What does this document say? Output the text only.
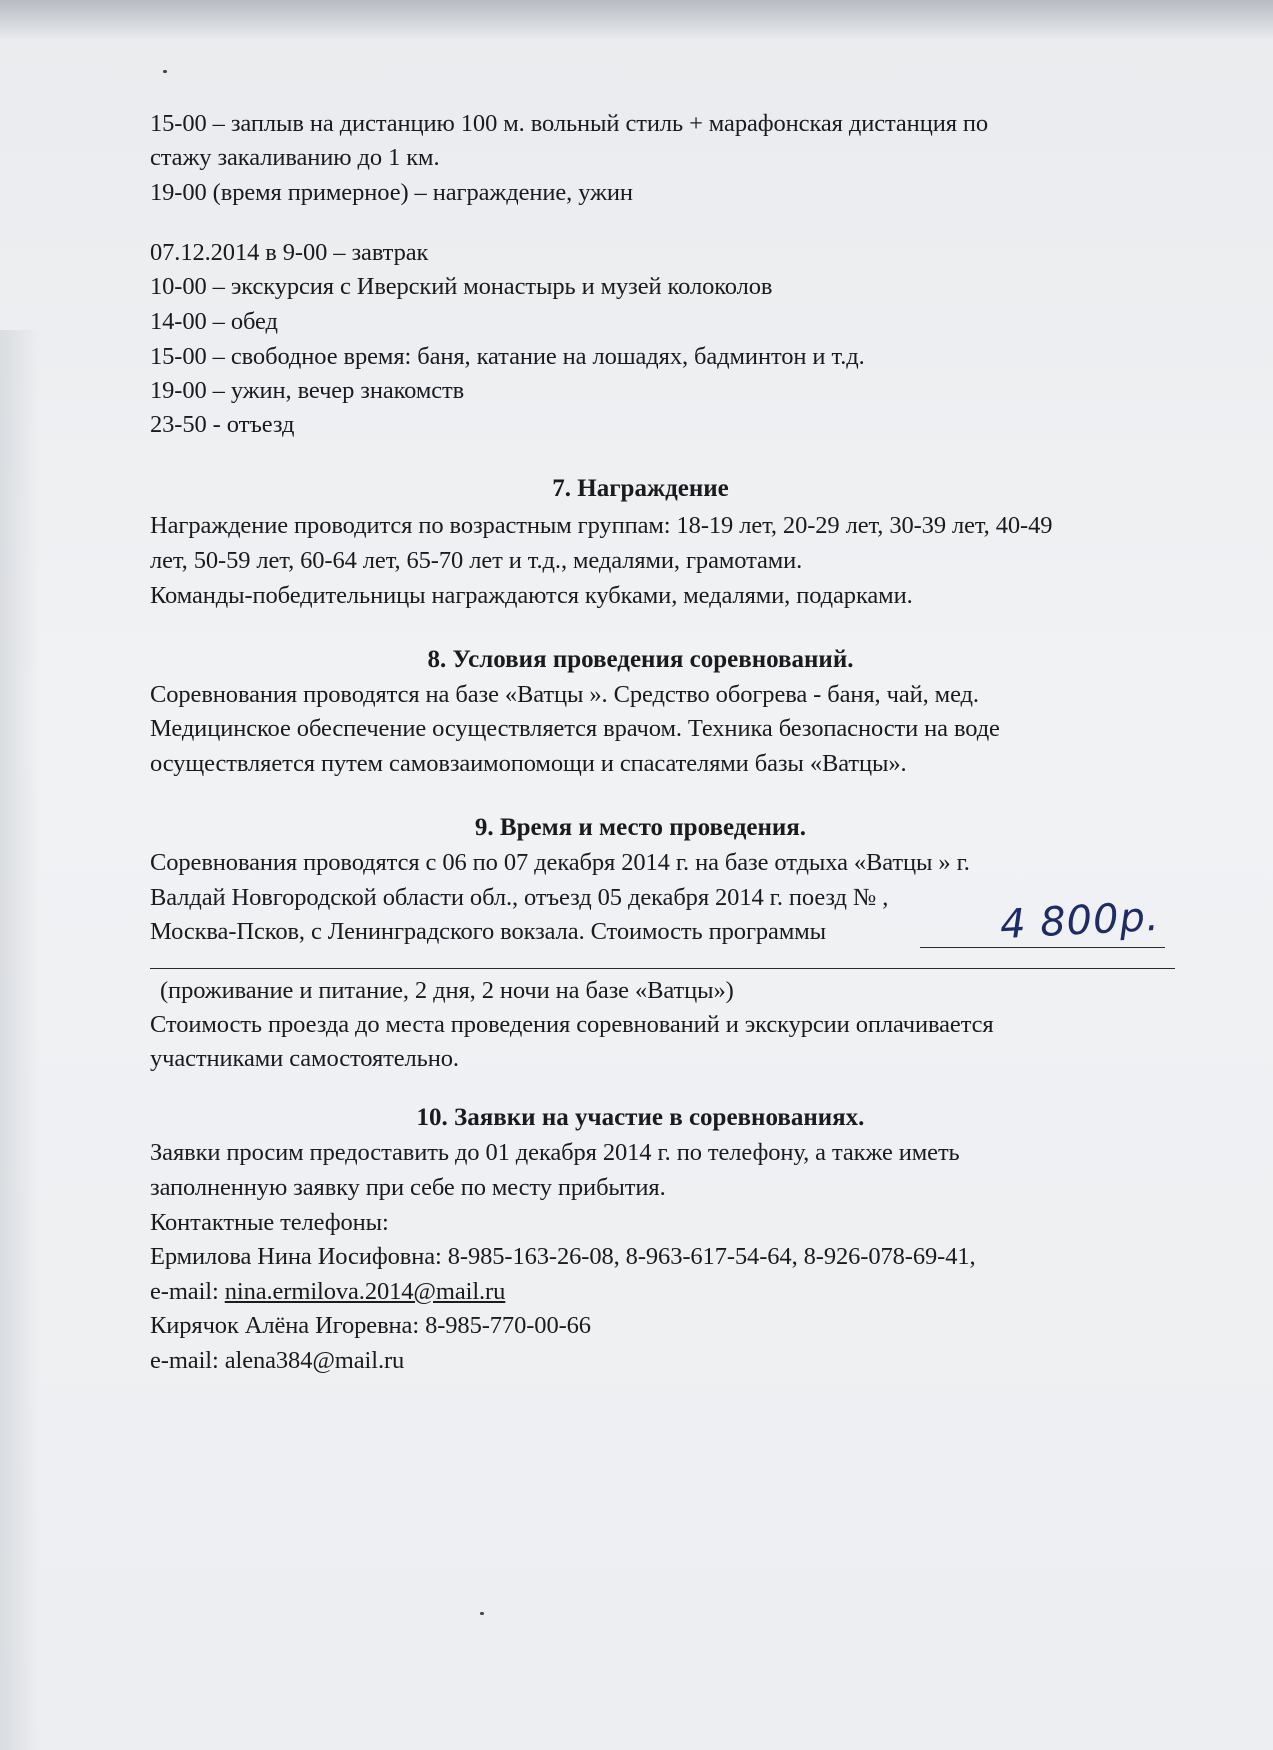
15-00 – заплыв на дистанцию 100 м. вольный стиль + марафонская дистанция по
стажу закаливанию до 1 км.
19-00 (время примерное) – награждение, ужин
07.12.2014 в 9-00 – завтрак
10-00 – экскурсия с Иверский монастырь и музей колоколов
14-00 – обед
15-00 – свободное время: баня, катание на лошадях, бадминтон и т.д.
19-00 – ужин, вечер знакомств
23-50 - отъезд
7. Награждение
Награждение проводится по возрастным группам: 18-19 лет, 20-29 лет, 30-39 лет, 40-49
лет, 50-59 лет, 60-64 лет, 65-70 лет и т.д., медалями, грамотами.
Команды-победительницы награждаются кубками, медалями, подарками.
8. Условия проведения соревнований.
Соревнования проводятся на базе «Ватцы ». Средство обогрева - баня, чай, мед.
Медицинское обеспечение осуществляется врачом. Техника безопасности на воде
осуществляется путем самовзаимопомощи и спасателями базы «Ватцы».
9. Время и место проведения.
Соревнования проводятся с 06 по 07 декабря 2014 г. на базе отдыха «Ватцы » г.
Валдай Новгородской области обл., отъезд 05 декабря 2014 г. поезд № ,
Москва-Псков, с Ленинградского вокзала. Стоимость программы	4 800р.
(проживание и питание, 2 дня, 2 ночи на базе «Ватцы»)
Стоимость проезда до места проведения соревнований и экскурсии оплачивается
участниками самостоятельно.
10. Заявки на участие в соревнованиях.
Заявки просим предоставить до 01 декабря 2014 г. по телефону, а также иметь
заполненную заявку при себе по месту прибытия.
Контактные телефоны:
Ермилова Нина Иосифовна: 8-985-163-26-08, 8-963-617-54-64, 8-926-078-69-41,
e-mail: nina.ermilova.2014@mail.ru
Кирячок Алёна Игоревна: 8-985-770-00-66
e-mail: alena384@mail.ru
